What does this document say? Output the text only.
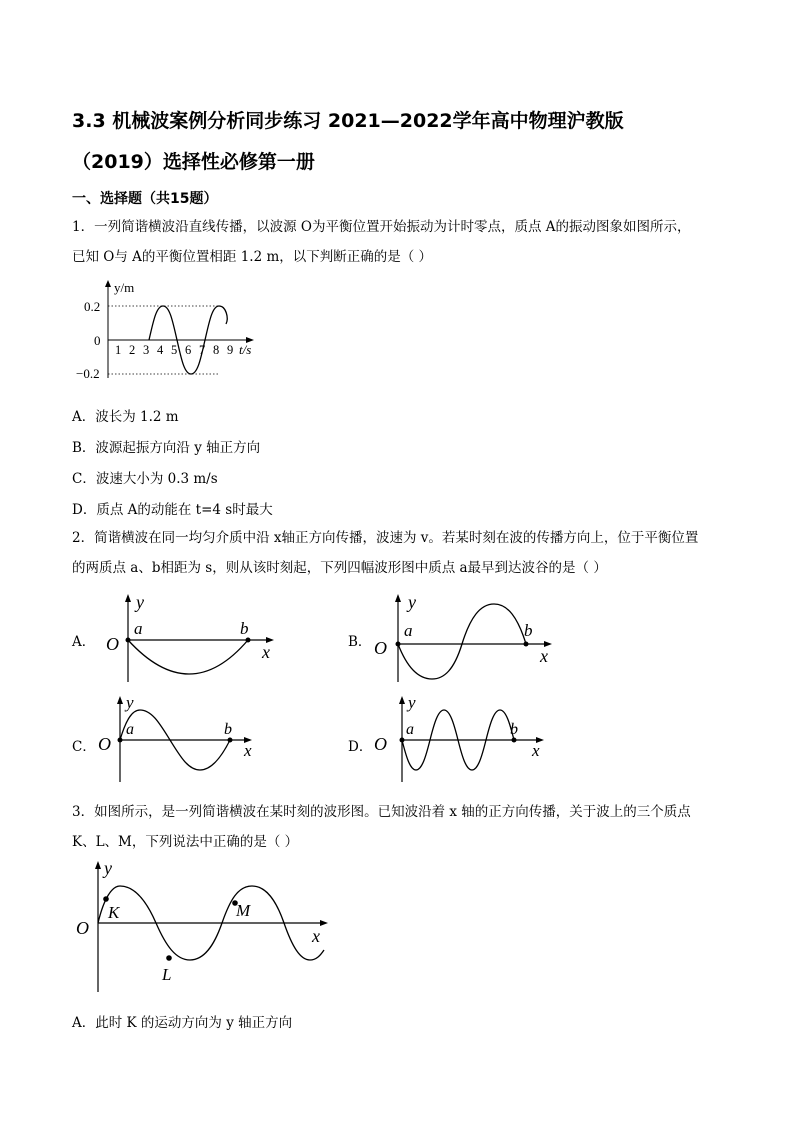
3.3 机械波案例分析同步练习 2021—2022学年高中物理沪教版
（2019）选择性必修第一册
一、选择题（共15题）
1．一列简谐横波沿直线传播，以波源 O为平衡位置开始振动为计时零点，质点 A的振动图象如图所示，
已知 O与 A的平衡位置相距 1.2 m，以下判断正确的是（ ）
y/m
0.2
0
−0.2
1 2 3 4 5 6 7 8 9 t/s
A．波长为 1.2 m
B．波源起振方向沿 y 轴正方向
C．波速大小为 0.3 m/s
D．质点 A的动能在 t=4 s时最大
2．简谐横波在同一均匀介质中沿 x轴正方向传播，波速为 v。若某时刻在波的传播方向上，位于平衡位置
的两质点 a、b相距为 s，则从该时刻起，下列四幅波形图中质点 a最早到达波谷的是（ ）
A．	B．
C．	D．
y
O
a	b
x
y
O
a	b
x
y
O
a	b
x
y
O
a	b
x
3．如图所示，是一列简谐横波在某时刻的波形图。已知波沿着 x 轴的正方向传播，关于波上的三个质点
K、L、M，下列说法中正确的是（ ）
y
O
K
L
M
x
A．此时 K 的运动方向为 y 轴正方向
